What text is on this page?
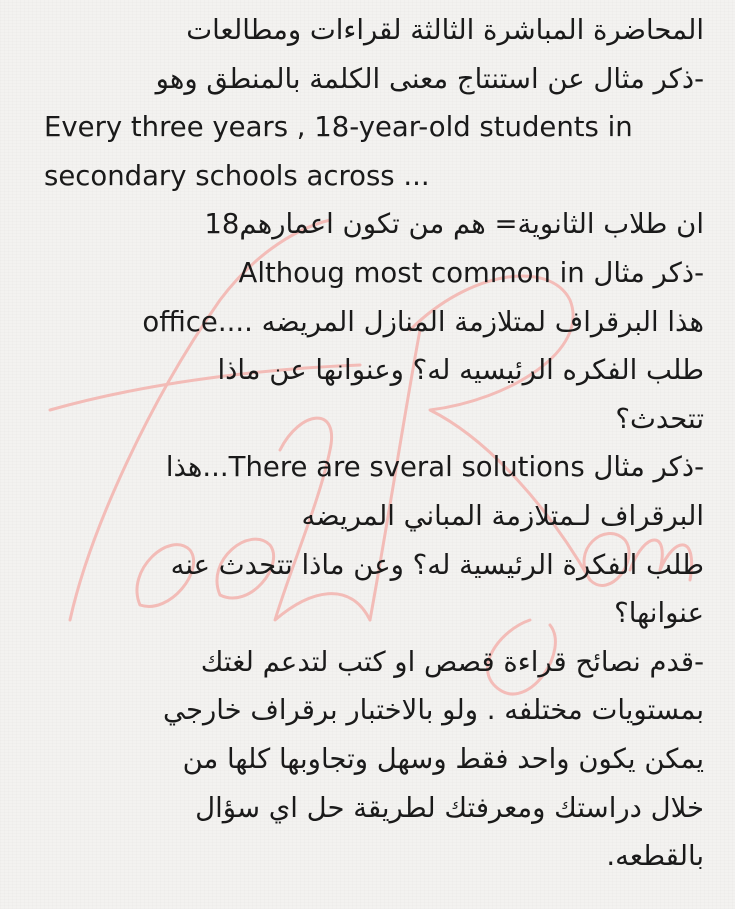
المحاضرة المباشرة الثالثة لقراءات ومطالعات
-ذكر مثال عن استنتاج معنى الكلمة بالمنطق وهو
Every three years , 18-year-old students in
secondary schools across ...
ان طلاب الثانوية= هم من تكون اعمارهم18
-ذكر مثال Althoug most common in
office.... هذا البرقراف لمتلازمة المنازل المريضه
طلب الفكره الرئيسيه له؟ وعنوانها عن ماذا
تتحدث؟
-ذكر مثال There are sveral solutions...هذا
البرقراف لـمتلازمة المباني المريضه
طلب الفكرة الرئيسية له؟ وعن ماذا تتحدث عنه
عنوانها؟
-قدم نصائح قراءة قصص او كتب لتدعم لغتك
بمستويات مختلفه . ولو بالاختبار برقراف خارجي
يمكن يكون واحد فقط وسهل وتجاوبها كلها من
خلال دراستك ومعرفتك لطريقة حل اي سؤال
بالقطعه.
